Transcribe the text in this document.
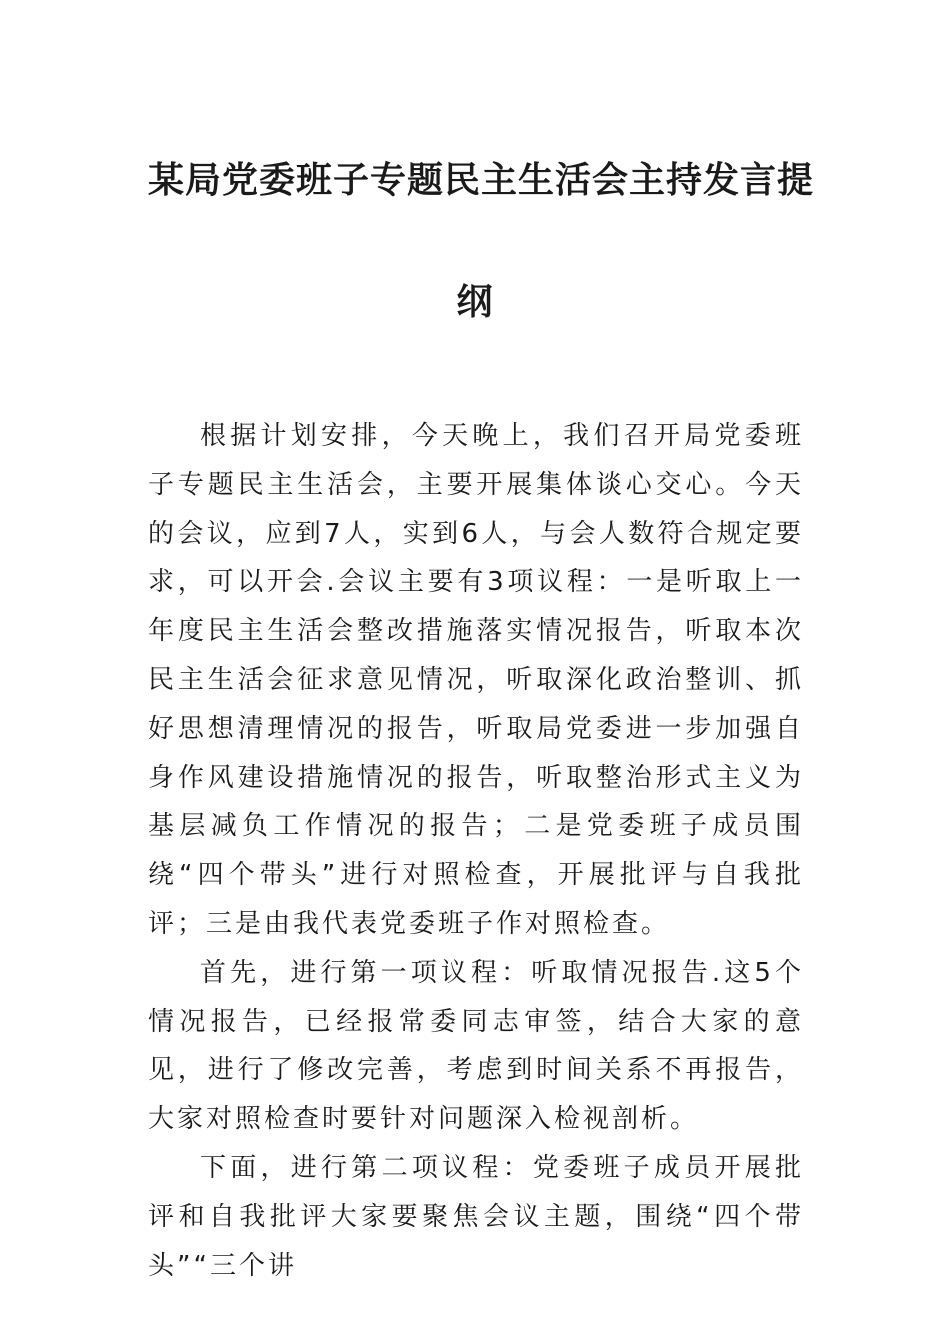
某局党委班子专题民主生活会主持发言提
纲

根据计划安排，今天晚上，我们召开局党委班子专题民主生活会，主要开展集体谈心交心。今天的会议，应到7人，实到6人，与会人数符合规定要求，可以开会.会议主要有3项议程：一是听取上一年度民主生活会整改措施落实情况报告，听取本次民主生活会征求意见情况，听取深化政治整训、抓好思想清理情况的报告，听取局党委进一步加强自身作风建设措施情况的报告，听取整治形式主义为基层减负工作情况的报告；二是党委班子成员围绕“四个带头”进行对照检查，开展批评与自我批评；三是由我代表党委班子作对照检查。

首先，进行第一项议程：听取情况报告.这5个情况报告，已经报常委同志审签，结合大家的意见，进行了修改完善，考虑到时间关系不再报告，大家对照检查时要针对问题深入检视剖析。

下面，进行第二项议程：党委班子成员开展批评和自我批评大家要聚焦会议主题，围绕“四个带头”“三个讲
